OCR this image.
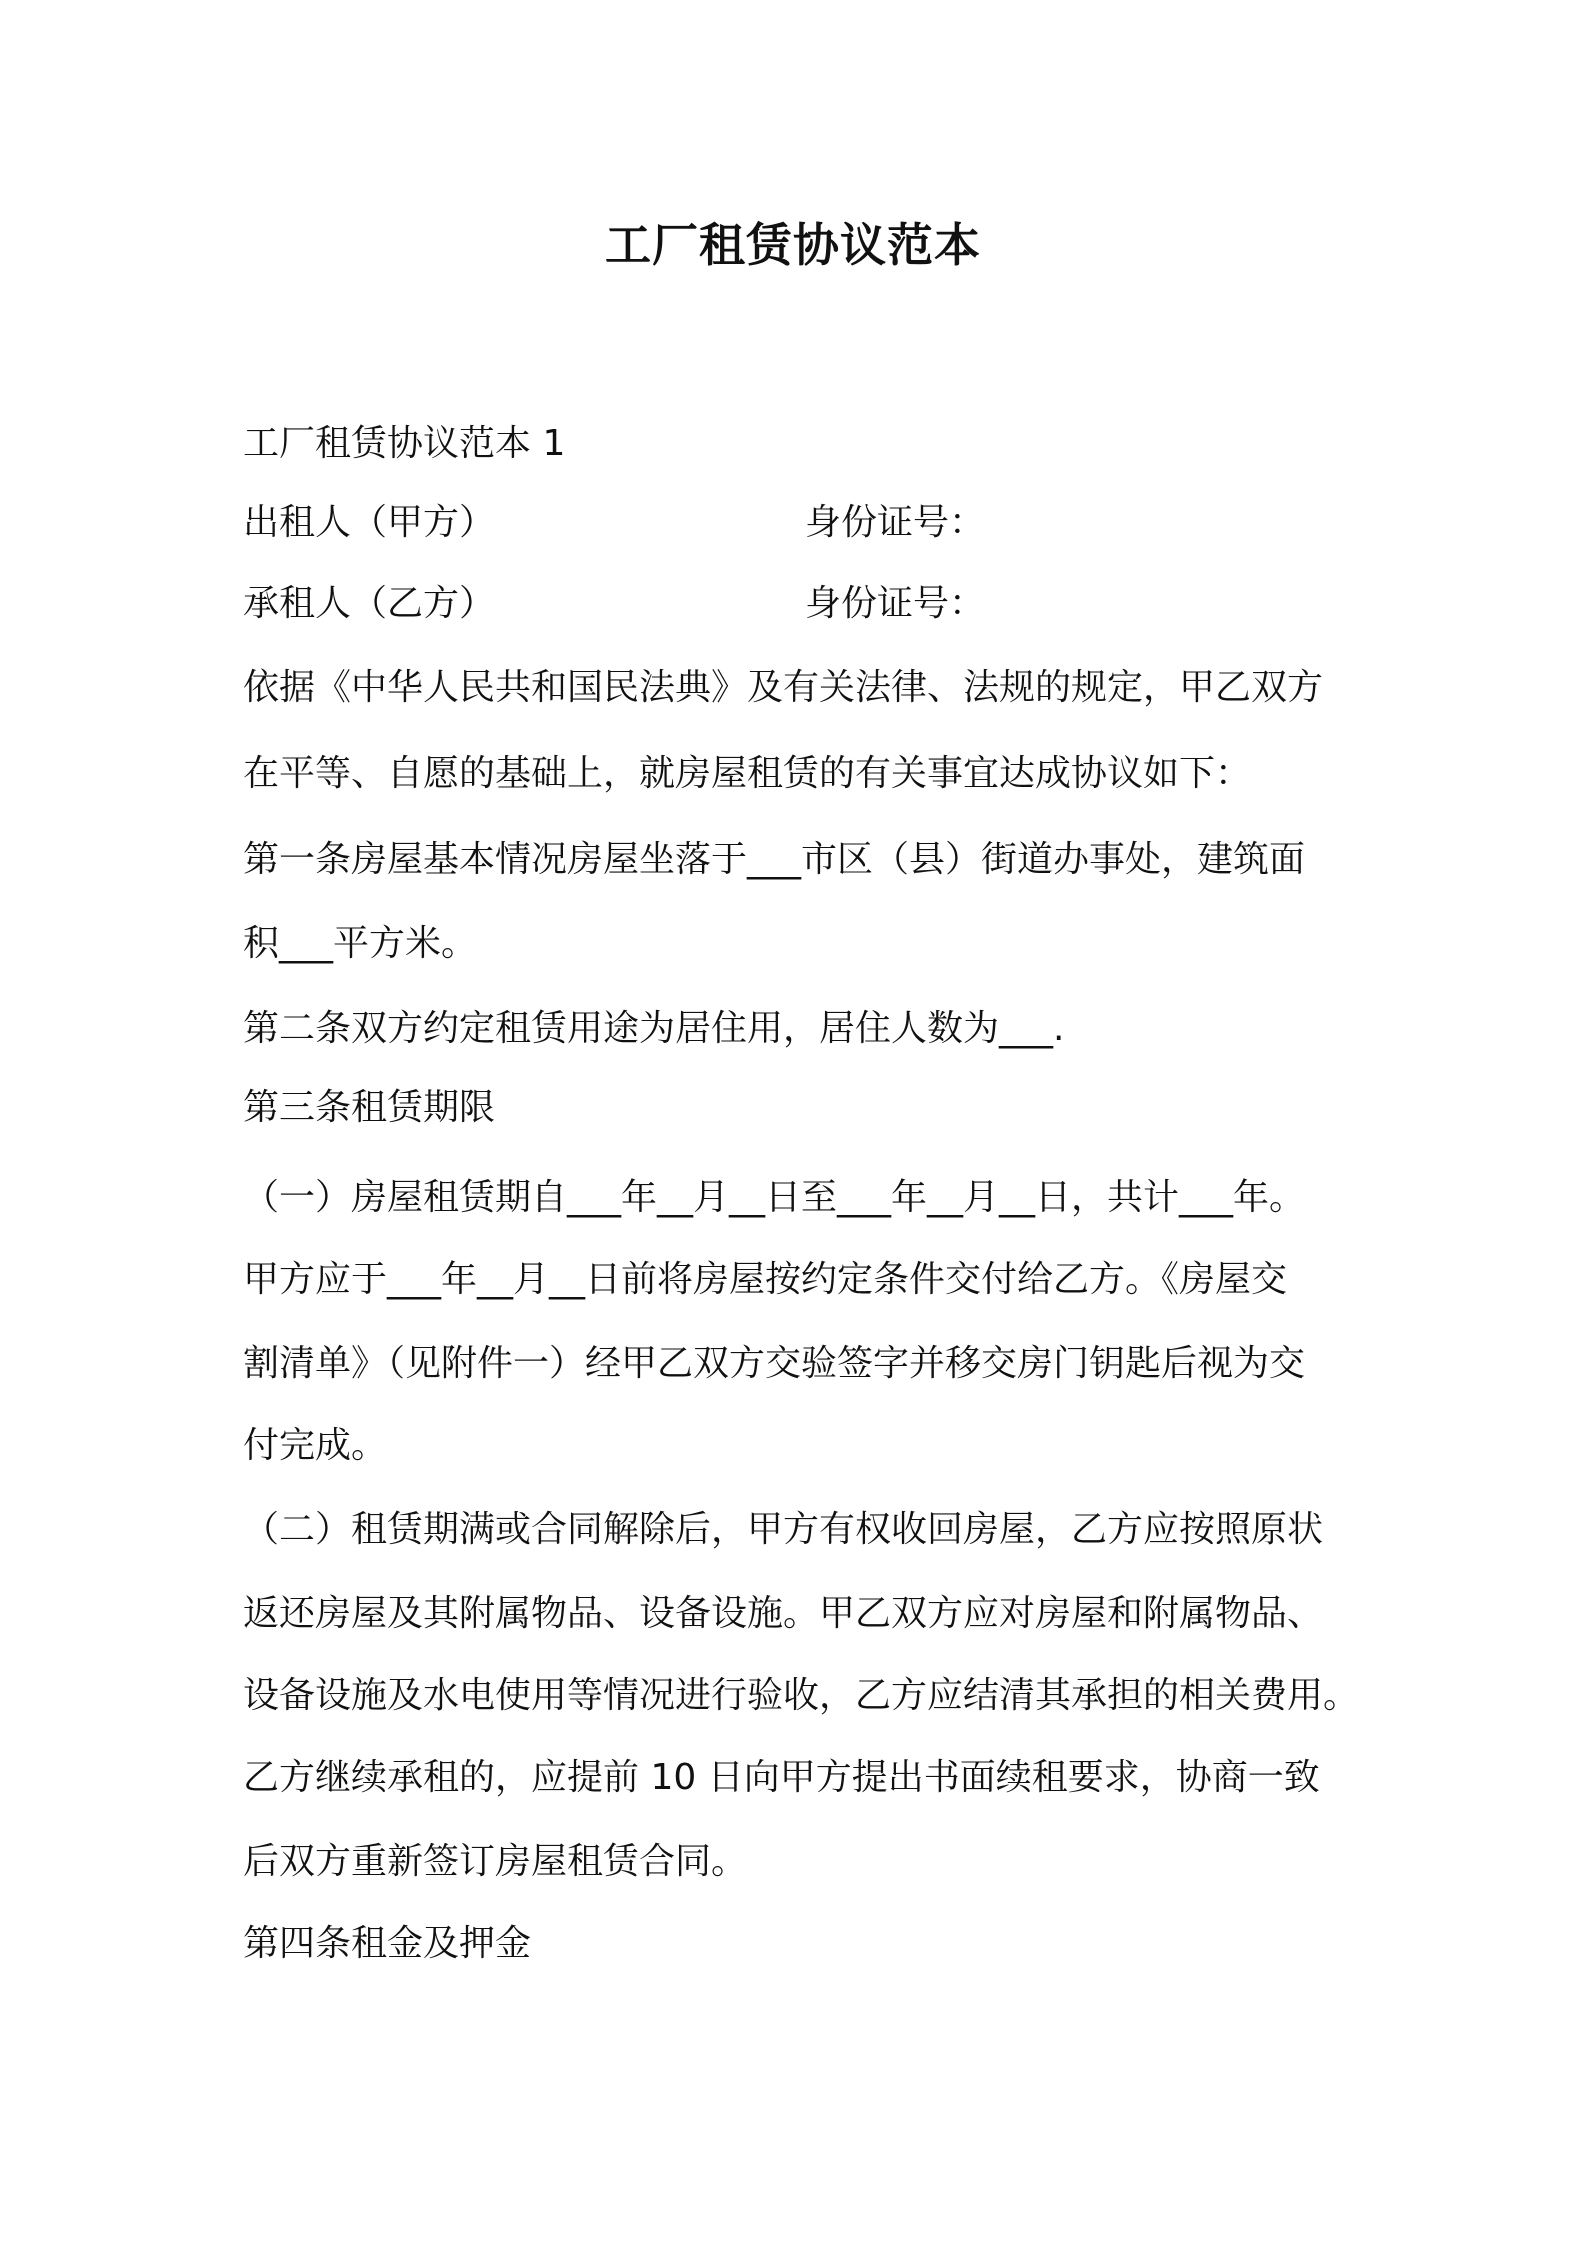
工厂租赁协议范本
工厂租赁协议范本 1
出租人（甲方）	身份证号：
承租人（乙方）	身份证号：
依据《中华人民共和国民法典》及有关法律、法规的规定，甲乙双方
在平等、自愿的基础上，就房屋租赁的有关事宜达成协议如下：
第一条房屋基本情况房屋坐落于___市区（县）街道办事处，建筑面
积___平方米。
第二条双方约定租赁用途为居住用，居住人数为___.
第三条租赁期限
（一）房屋租赁期自___年__月__日至___年__月__日，共计___年。
甲方应于___年__月__日前将房屋按约定条件交付给乙方。《房屋交
割清单》（见附件一）经甲乙双方交验签字并移交房门钥匙后视为交
付完成。
（二）租赁期满或合同解除后，甲方有权收回房屋，乙方应按照原状
返还房屋及其附属物品、设备设施。甲乙双方应对房屋和附属物品、
设备设施及水电使用等情况进行验收，乙方应结清其承担的相关费用。
乙方继续承租的，应提前 10 日向甲方提出书面续租要求，协商一致
后双方重新签订房屋租赁合同。
第四条租金及押金
